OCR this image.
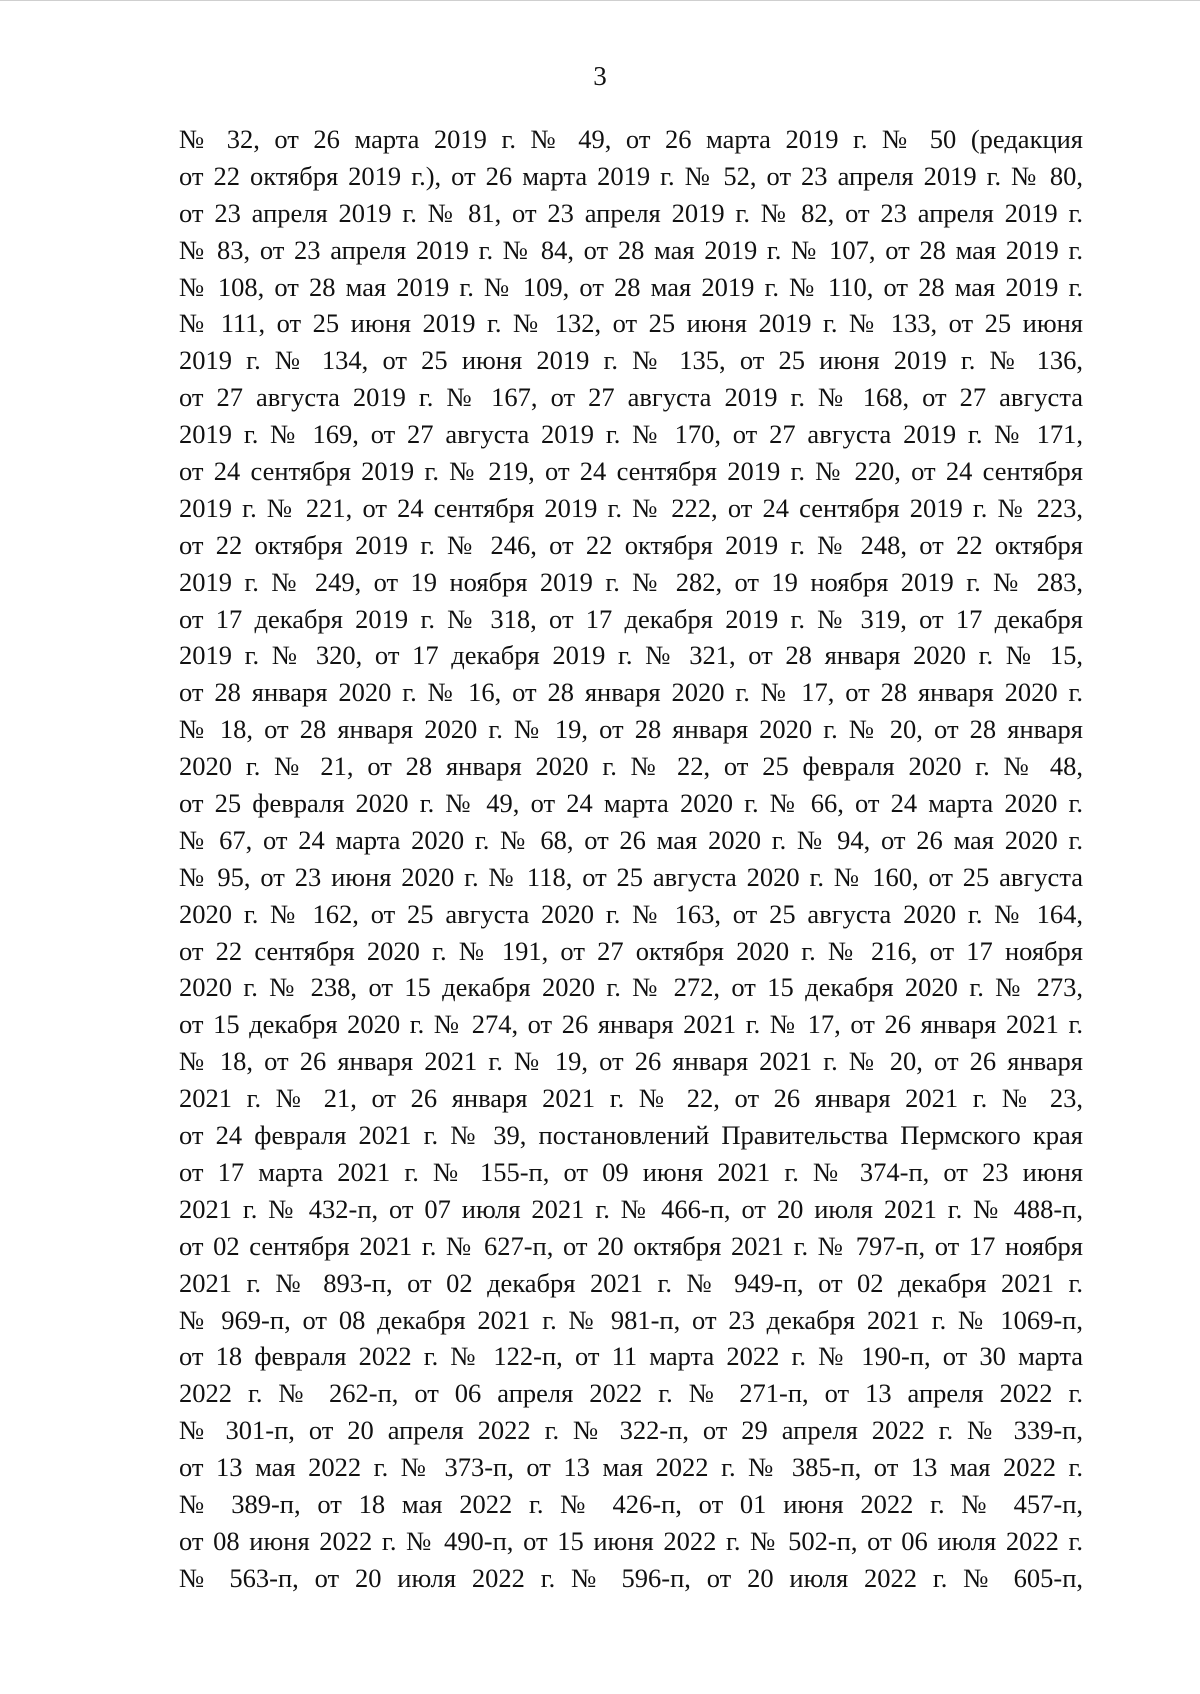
3
№ 32, от 26 марта 2019 г. № 49, от 26 марта 2019 г. № 50 (редакция
от 22 октября 2019 г.), от 26 марта 2019 г. № 52, от 23 апреля 2019 г. № 80,
от 23 апреля 2019 г. № 81, от 23 апреля 2019 г. № 82, от 23 апреля 2019 г.
№ 83, от 23 апреля 2019 г. № 84, от 28 мая 2019 г. № 107, от 28 мая 2019 г.
№ 108, от 28 мая 2019 г. № 109, от 28 мая 2019 г. № 110, от 28 мая 2019 г.
№ 111, от 25 июня 2019 г. № 132, от 25 июня 2019 г. № 133, от 25 июня
2019 г. № 134, от 25 июня 2019 г. № 135, от 25 июня 2019 г. № 136,
от 27 августа 2019 г. № 167, от 27 августа 2019 г. № 168, от 27 августа
2019 г. № 169, от 27 августа 2019 г. № 170, от 27 августа 2019 г. № 171,
от 24 сентября 2019 г. № 219, от 24 сентября 2019 г. № 220, от 24 сентября
2019 г. № 221, от 24 сентября 2019 г. № 222, от 24 сентября 2019 г. № 223,
от 22 октября 2019 г. № 246, от 22 октября 2019 г. № 248, от 22 октября
2019 г. № 249, от 19 ноября 2019 г. № 282, от 19 ноября 2019 г. № 283,
от 17 декабря 2019 г. № 318, от 17 декабря 2019 г. № 319, от 17 декабря
2019 г. № 320, от 17 декабря 2019 г. № 321, от 28 января 2020 г. № 15,
от 28 января 2020 г. № 16, от 28 января 2020 г. № 17, от 28 января 2020 г.
№ 18, от 28 января 2020 г. № 19, от 28 января 2020 г. № 20, от 28 января
2020 г. № 21, от 28 января 2020 г. № 22, от 25 февраля 2020 г. № 48,
от 25 февраля 2020 г. № 49, от 24 марта 2020 г. № 66, от 24 марта 2020 г.
№ 67, от 24 марта 2020 г. № 68, от 26 мая 2020 г. № 94, от 26 мая 2020 г.
№ 95, от 23 июня 2020 г. № 118, от 25 августа 2020 г. № 160, от 25 августа
2020 г. № 162, от 25 августа 2020 г. № 163, от 25 августа 2020 г. № 164,
от 22 сентября 2020 г. № 191, от 27 октября 2020 г. № 216, от 17 ноября
2020 г. № 238, от 15 декабря 2020 г. № 272, от 15 декабря 2020 г. № 273,
от 15 декабря 2020 г. № 274, от 26 января 2021 г. № 17, от 26 января 2021 г.
№ 18, от 26 января 2021 г. № 19, от 26 января 2021 г. № 20, от 26 января
2021 г. № 21, от 26 января 2021 г. № 22, от 26 января 2021 г. № 23,
от 24 февраля 2021 г. № 39, постановлений Правительства Пермского края
от 17 марта 2021 г. № 155-п, от 09 июня 2021 г. № 374-п, от 23 июня
2021 г. № 432-п, от 07 июля 2021 г. № 466-п, от 20 июля 2021 г. № 488-п,
от 02 сентября 2021 г. № 627-п, от 20 октября 2021 г. № 797-п, от 17 ноября
2021 г. № 893-п, от 02 декабря 2021 г. № 949-п, от 02 декабря 2021 г.
№ 969-п, от 08 декабря 2021 г. № 981-п, от 23 декабря 2021 г. № 1069-п,
от 18 февраля 2022 г. № 122-п, от 11 марта 2022 г. № 190-п, от 30 марта
2022 г. № 262-п, от 06 апреля 2022 г. № 271-п, от 13 апреля 2022 г.
№ 301-п, от 20 апреля 2022 г. № 322-п, от 29 апреля 2022 г. № 339-п,
от 13 мая 2022 г. № 373-п, от 13 мая 2022 г. № 385-п, от 13 мая 2022 г.
№ 389-п, от 18 мая 2022 г. № 426-п, от 01 июня 2022 г. № 457-п,
от 08 июня 2022 г. № 490-п, от 15 июня 2022 г. № 502-п, от 06 июля 2022 г.
№ 563-п, от 20 июля 2022 г. № 596-п, от 20 июля 2022 г. № 605-п,
